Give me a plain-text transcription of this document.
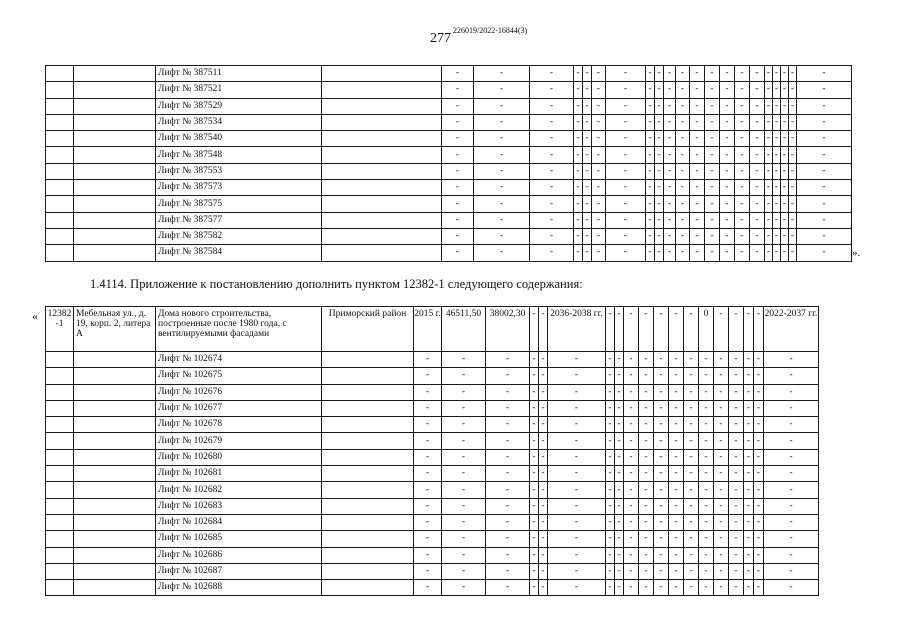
277
226019/2022-16844(3)
		Лифт № 387511		-	-	-	-	-	-	-	-	-	-	-	-	-	-	-	-	-	-	-	-	-
		Лифт № 387521		-	-	-	-	-	-	-	-	-	-	-	-	-	-	-	-	-	-	-	-	-
		Лифт № 387529		-	-	-	-	-	-	-	-	-	-	-	-	-	-	-	-	-	-	-	-	-
		Лифт № 387534		-	-	-	-	-	-	-	-	-	-	-	-	-	-	-	-	-	-	-	-	-
		Лифт № 387540		-	-	-	-	-	-	-	-	-	-	-	-	-	-	-	-	-	-	-	-	-
		Лифт № 387548		-	-	-	-	-	-	-	-	-	-	-	-	-	-	-	-	-	-	-	-	-
		Лифт № 387553		-	-	-	-	-	-	-	-	-	-	-	-	-	-	-	-	-	-	-	-	-
		Лифт № 387573		-	-	-	-	-	-	-	-	-	-	-	-	-	-	-	-	-	-	-	-	-
		Лифт № 387575		-	-	-	-	-	-	-	-	-	-	-	-	-	-	-	-	-	-	-	-	-
		Лифт № 387577		-	-	-	-	-	-	-	-	-	-	-	-	-	-	-	-	-	-	-	-	-
		Лифт № 387582		-	-	-	-	-	-	-	-	-	-	-	-	-	-	-	-	-	-	-	-	-
		Лифт № 387584		-	-	-	-	-	-	-	-	-	-	-	-	-	-	-	-	-	-	-	-	- ».
1.4114. Приложение к постановлению дополнить пунктом 12382-1 следующего содержания:
« 12382 -1	Мебельная ул., д. 19, корп. 2, литера А	Дома нового строительства, построенные после 1980 года, с вентилируемыми фасадами	Приморский район	2015 г.	46511,50	38002,30	-	-	2036-2038 гг.	-	-	-	-	-	-	-	0	-	-	-	-	2022-2037 гг.
		Лифт № 102674		-	-	-	-	-	-	-	-	-	-	-	-	-	-	-	-	-	-	-
		Лифт № 102675		-	-	-	-	-	-	-	-	-	-	-	-	-	-	-	-	-	-	-
		Лифт № 102676		-	-	-	-	-	-	-	-	-	-	-	-	-	-	-	-	-	-	-
		Лифт № 102677		-	-	-	-	-	-	-	-	-	-	-	-	-	-	-	-	-	-	-
		Лифт № 102678		-	-	-	-	-	-	-	-	-	-	-	-	-	-	-	-	-	-	-
		Лифт № 102679		-	-	-	-	-	-	-	-	-	-	-	-	-	-	-	-	-	-	-
		Лифт № 102680		-	-	-	-	-	-	-	-	-	-	-	-	-	-	-	-	-	-	-
		Лифт № 102681		-	-	-	-	-	-	-	-	-	-	-	-	-	-	-	-	-	-	-
		Лифт № 102682		-	-	-	-	-	-	-	-	-	-	-	-	-	-	-	-	-	-	-
		Лифт № 102683		-	-	-	-	-	-	-	-	-	-	-	-	-	-	-	-	-	-	-
		Лифт № 102684		-	-	-	-	-	-	-	-	-	-	-	-	-	-	-	-	-	-	-
		Лифт № 102685		-	-	-	-	-	-	-	-	-	-	-	-	-	-	-	-	-	-	-
		Лифт № 102686		-	-	-	-	-	-	-	-	-	-	-	-	-	-	-	-	-	-	-
		Лифт № 102687		-	-	-	-	-	-	-	-	-	-	-	-	-	-	-	-	-	-	-
		Лифт № 102688		-	-	-	-	-	-	-	-	-	-	-	-	-	-	-	-	-	-	-
